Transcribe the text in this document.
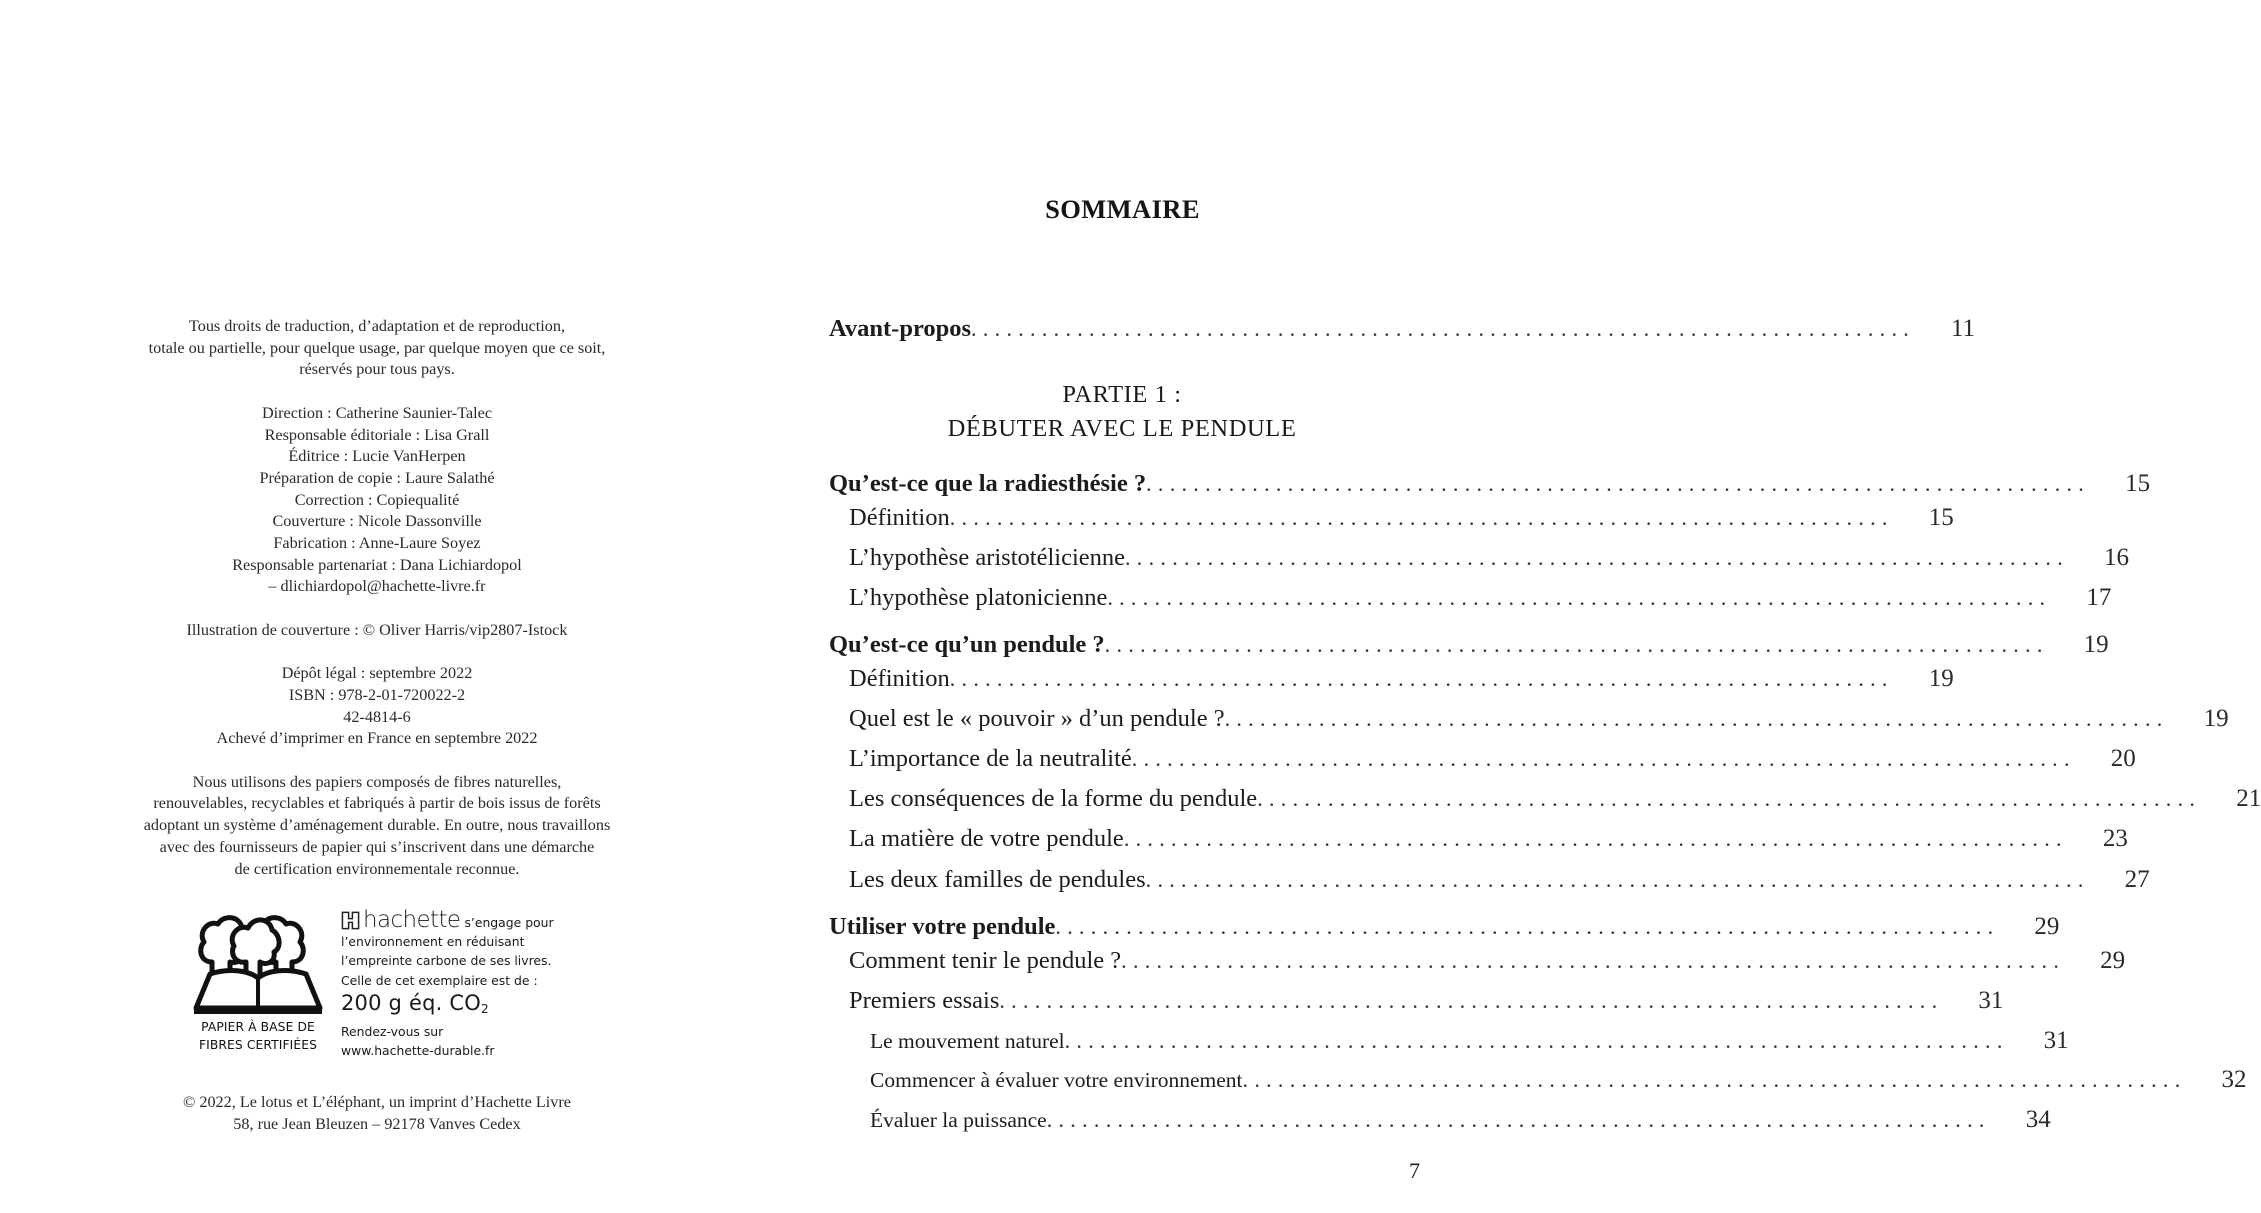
Tous droits de traduction, d’adaptation et de reproduction,
totale ou partielle, pour quelque usage, par quelque moyen que ce soit,
réservés pour tous pays.
Direction : Catherine Saunier-Talec
Responsable éditoriale : Lisa Grall
Éditrice : Lucie VanHerpen
Préparation de copie : Laure Salathé
Correction : Copiequalité
Couverture : Nicole Dassonville
Fabrication : Anne-Laure Soyez
Responsable partenariat : Dana Lichiardopol
– dlichiardopol@hachette-livre.fr
Illustration de couverture : © Oliver Harris/vip2807-Istock
Dépôt légal : septembre 2022
ISBN : 978-2-01-720022-2
42-4814-6
Achevé d’imprimer en France en septembre 2022
Nous utilisons des papiers composés de fibres naturelles,
renouvelables, recyclables et fabriqués à partir de bois issus de forêts
adoptant un système d’aménagement durable. En outre, nous travaillons
avec des fournisseurs de papier qui s’inscrivent dans une démarche
de certification environnementale reconnue.
PAPIER À BASE DE
FIBRES CERTIFIÉES
hachette s’engage pour
l’environnement en réduisant
l’empreinte carbone de ses livres.
Celle de cet exemplaire est de :
200 g éq. $CO_2$
Rendez-vous sur
www.hachette-durable.fr
© 2022, Le lotus et L’éléphant, un imprint d’Hachette Livre
58, rue Jean Bleuzen – 92178 Vanves Cedex
SOMMAIRE
PARTIE 1 :
DÉBUTER AVEC LE PENDULE
Avant-propos ................................................................................	11
Qu’est-ce que la radiesthésie ? ................................................................................	15
Définition ................................................................................	15
L’hypothèse aristotélicienne ................................................................................	16
L’hypothèse platonicienne ................................................................................	17
Qu’est-ce qu’un pendule ? ................................................................................	19
Définition ................................................................................	19
Quel est le « pouvoir » d’un pendule ? ................................................................................	19
L’importance de la neutralité ................................................................................	20
Les conséquences de la forme du pendule ................................................................................	21
La matière de votre pendule ................................................................................	23
Les deux familles de pendules ................................................................................	27
Utiliser votre pendule ................................................................................	29
Comment tenir le pendule ? ................................................................................	29
Premiers essais ................................................................................	31
Le mouvement naturel ................................................................................	31
Commencer à évaluer votre environnement ................................................................................	32
Évaluer la puissance ................................................................................	34
7
